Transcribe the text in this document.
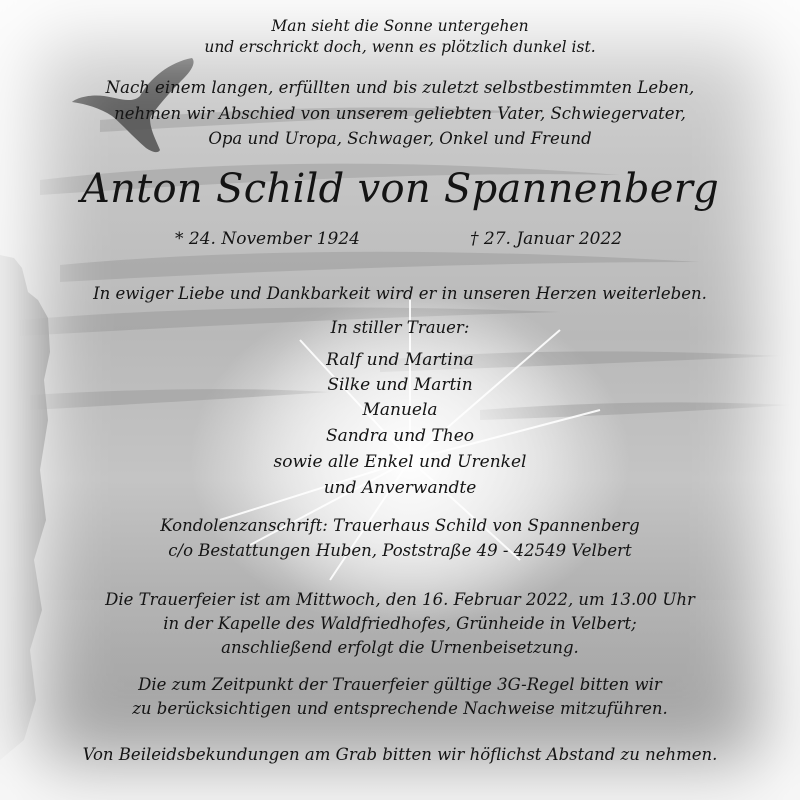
Man sieht die Sonne untergehen
und erschrickt doch, wenn es plötzlich dunkel ist.
Nach einem langen, erfüllten und bis zuletzt selbstbestimmten Leben,
nehmen wir Abschied von unserem geliebten Vater, Schwiegervater,
Opa und Uropa, Schwager, Onkel und Freund
Anton Schild von Spannenberg
* 24. November 1924	† 27. Januar 2022
In ewiger Liebe und Dankbarkeit wird er in unseren Herzen weiterleben.
In stiller Trauer:
Ralf und Martina
Silke und Martin
Manuela
Sandra und Theo
sowie alle Enkel und Urenkel
und Anverwandte
Kondolenzanschrift: Trauerhaus Schild von Spannenberg
c/o Bestattungen Huben, Poststraße 49 - 42549 Velbert
Die Trauerfeier ist am Mittwoch, den 16. Februar 2022, um 13.00 Uhr
in der Kapelle des Waldfriedhofes, Grünheide in Velbert;
anschließend erfolgt die Urnenbeisetzung.
Die zum Zeitpunkt der Trauerfeier gültige 3G-Regel bitten wir
zu berücksichtigen und entsprechende Nachweise mitzuführen.
Von Beileidsbekundungen am Grab bitten wir höflichst Abstand zu nehmen.
